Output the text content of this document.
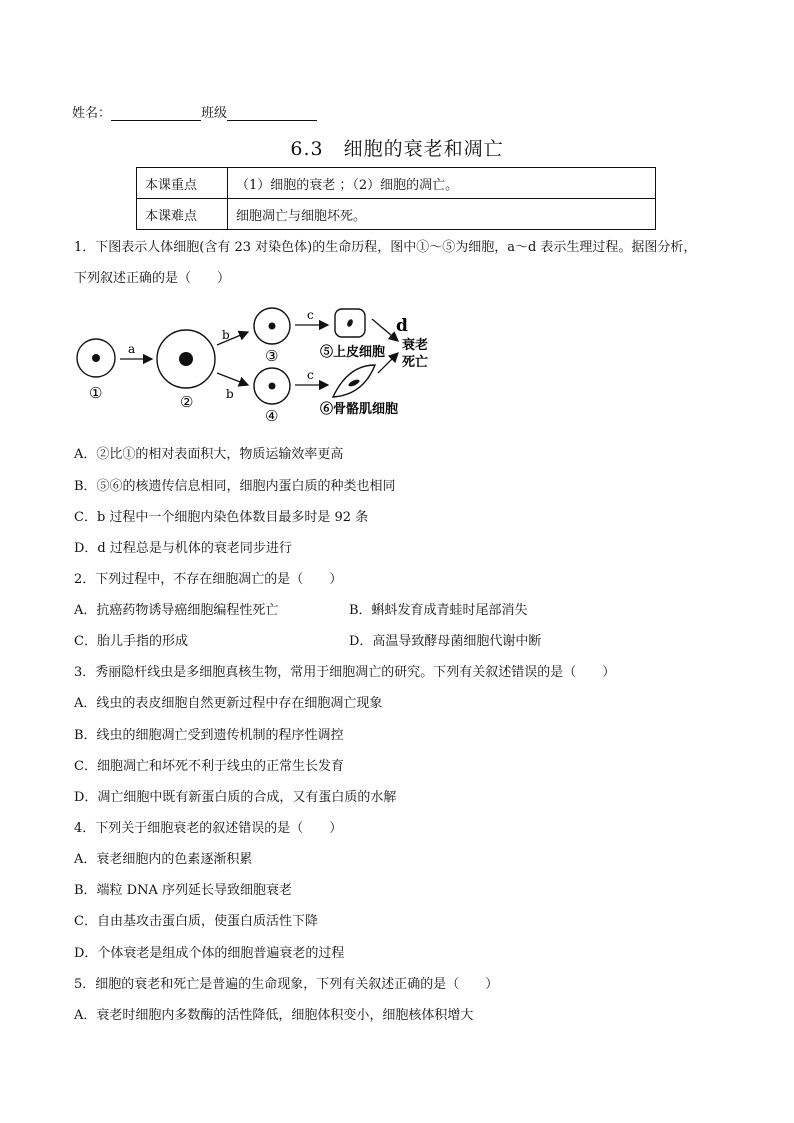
姓名：	班级
6.3　细胞的衰老和凋亡
本课重点	（1）细胞的衰老 ；（2）细胞的凋亡。
本课难点	细胞凋亡与细胞坏死。
1．下图表示人体细胞(含有 23 对染色体)的生命历程，图中①～⑤为细胞，a～d 表示生理过程。据图分析，
下列叙述正确的是（　　）
①
a
②
b
b
③
④
c
c
⑤上皮细胞
⑥骨骼肌细胞
d
衰老
死亡
A．②比①的相对表面积大，物质运输效率更高
B．⑤⑥的核遗传信息相同，细胞内蛋白质的种类也相同
C．b 过程中一个细胞内染色体数目最多时是 92 条
D．d 过程总是与机体的衰老同步进行
2．下列过程中，不存在细胞凋亡的是（　　）
A．抗癌药物诱导癌细胞编程性死亡	B．蝌蚪发育成青蛙时尾部消失
C．胎儿手指的形成	D．高温导致酵母菌细胞代谢中断
3．秀丽隐杆线虫是多细胞真核生物，常用于细胞凋亡的研究。下列有关叙述错误的是（　　）
A．线虫的表皮细胞自然更新过程中存在细胞凋亡现象
B．线虫的细胞凋亡受到遗传机制的程序性调控
C．细胞凋亡和坏死不利于线虫的正常生长发育
D．凋亡细胞中既有新蛋白质的合成，又有蛋白质的水解
4．下列关于细胞衰老的叙述错误的是（　　）
A．衰老细胞内的色素逐渐积累
B．端粒 DNA 序列延长导致细胞衰老
C．自由基攻击蛋白质，使蛋白质活性下降
D．个体衰老是组成个体的细胞普遍衰老的过程
5．细胞的衰老和死亡是普遍的生命现象，下列有关叙述正确的是（　　）
A．衰老时细胞内多数酶的活性降低，细胞体积变小，细胞核体积增大
